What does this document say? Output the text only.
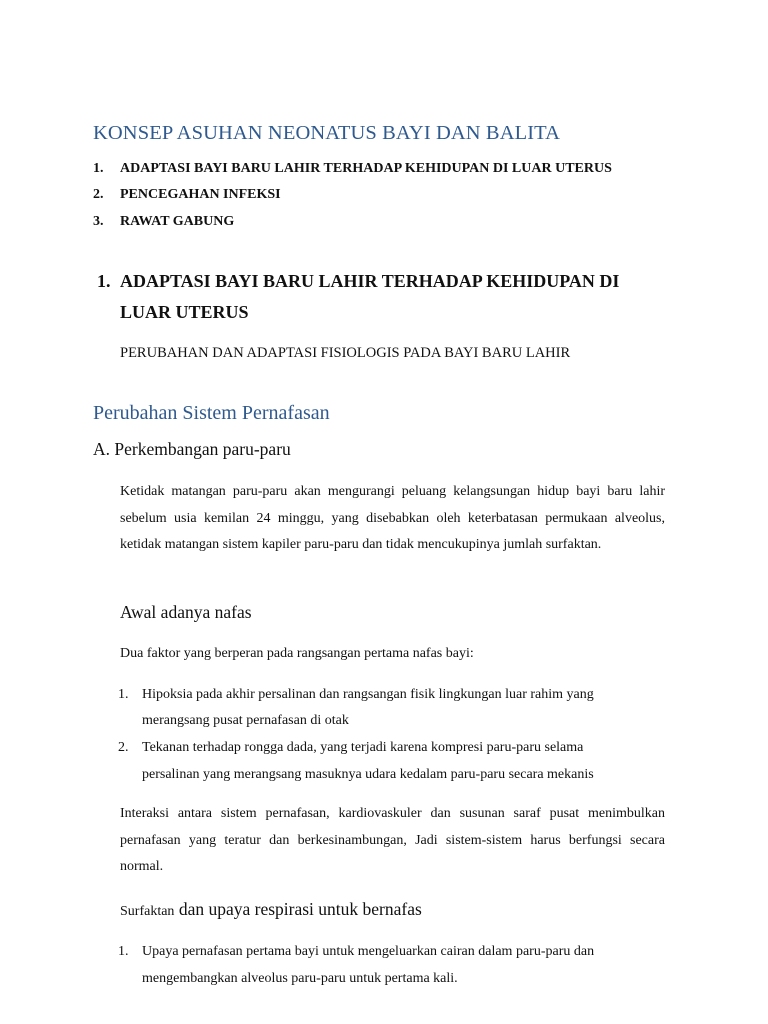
KONSEP ASUHAN NEONATUS BAYI DAN BALITA
1. ADAPTASI BAYI BARU LAHIR TERHADAP KEHIDUPAN DI LUAR UTERUS
2. PENCEGAHAN INFEKSI
3. RAWAT GABUNG
1. ADAPTASI BAYI BARU LAHIR TERHADAP KEHIDUPAN DI
LUAR UTERUS
PERUBAHAN DAN ADAPTASI FISIOLOGIS PADA BAYI BARU LAHIR
Perubahan Sistem Pernafasan
A. Perkembangan paru-paru
Ketidak matangan paru-paru akan mengurangi peluang kelangsungan hidup bayi baru lahir sebelum usia kemilan 24 minggu, yang disebabkan oleh keterbatasan permukaan alveolus, ketidak matangan sistem kapiler paru-paru dan tidak mencukupinya jumlah surfaktan.
Awal adanya nafas
Dua faktor yang berperan pada rangsangan pertama nafas bayi:
1. Hipoksia pada akhir persalinan dan rangsangan fisik lingkungan luar rahim yang
merangsang pusat pernafasan di otak
2. Tekanan terhadap rongga dada, yang terjadi karena kompresi paru-paru selama
persalinan yang merangsang masuknya udara kedalam paru-paru secara mekanis
Interaksi antara sistem pernafasan, kardiovaskuler dan susunan saraf pusat menimbulkan pernafasan yang teratur dan berkesinambungan, Jadi sistem-sistem harus berfungsi secara normal.
Surfaktan dan upaya respirasi untuk bernafas
1. Upaya pernafasan pertama bayi untuk mengeluarkan cairan dalam paru-paru dan
mengembangkan alveolus paru-paru untuk pertama kali.
